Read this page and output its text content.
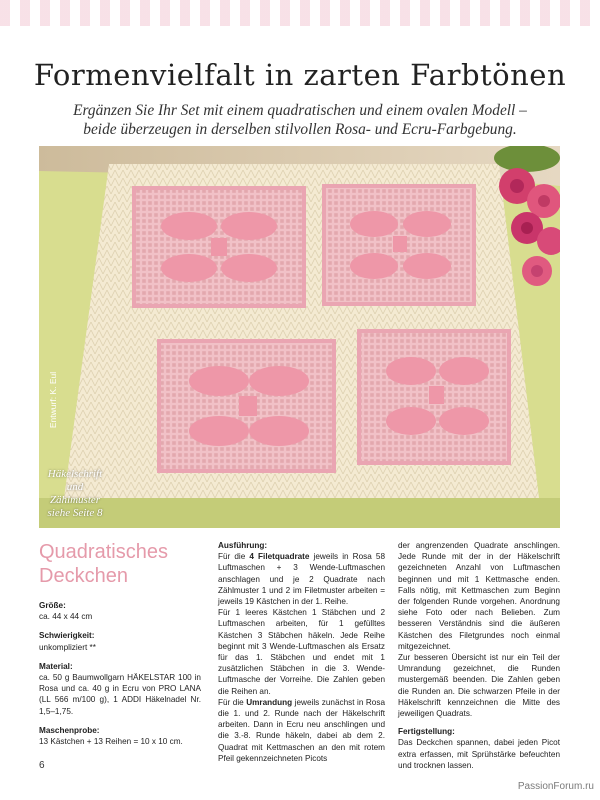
Formenvielfalt in zarten Farbtönen
Ergänzen Sie Ihr Set mit einem quadratischen und einem ovalen Modell –
beide überzeugen in derselben stilvollen Rosa- und Ecru-Farbgebung.
Entwurf: K. Eul
Häkelschrift
und
Zählmuster
siehe Seite 8
Quadratisches
Deckchen
Größe:
ca. 44 x 44 cm
Schwierigkeit:
unkompliziert **
Material:
ca. 50 g Baumwollgarn HÄKELSTAR 100 in Rosa und ca. 40 g in Ecru von PRO LANA (LL 566 m/100 g), 1 ADDI Häkelnadel Nr. 1,5–1,75.
Maschenprobe:
13 Kästchen + 13 Reihen = 10 x 10 cm.
Ausführung:

Für die 4 Filetquadrate jeweils in Rosa 58 Luftmaschen + 3 Wende-Luftmaschen anschlagen und je 2 Quadrate nach Zählmuster 1 und 2 im Filetmuster arbeiten = jeweils 19 Kästchen in der 1. Reihe.

Für 1 leeres Kästchen 1 Stäbchen und 2 Luftmaschen arbeiten, für 1 gefülltes Kästchen 3 Stäbchen häkeln. Jede Reihe beginnt mit 3 Wende-Luftmaschen als Ersatz für das 1. Stäbchen und endet mit 1 zusätzlichen Stäbchen in die 3. Wende-Luftmasche der Vorreihe. Die Zahlen geben die Reihen an.

Für die Umrandung jeweils zunächst in Rosa die 1. und 2. Runde nach der Häkelschrift arbeiten. Dann in Ecru neu anschlingen und die 3.-8. Runde häkeln, dabei ab dem 2. Quadrat mit Kettmaschen an den mit rotem Pfeil gekennzeichneten Picots

der angrenzenden Quadrate anschlingen. Jede Runde mit der in der Häkelschrift gezeichneten Anzahl von Luftmaschen beginnen und mit 1 Kettmasche enden. Falls nötig, mit Kettmaschen zum Beginn der folgenden Runde vorgehen. Anordnung siehe Foto oder nach Belieben. Zum besseren Verständnis sind die äußeren Kästchen des Filetgrundes noch einmal mitgezeichnet.

Zur besseren Übersicht ist nur ein Teil der Umrandung gezeichnet, die Runden mustergemäß beenden. Die Zahlen geben die Runden an. Die schwarzen Pfeile in der Häkelschrift kennzeichnen die Mitte des jeweiligen Quadrats.

Fertigstellung:

Das Deckchen spannen, dabei jeden Picot extra erfassen, mit Sprühstärke befeuchten und trocknen lassen.

6
PassionForum.ru
